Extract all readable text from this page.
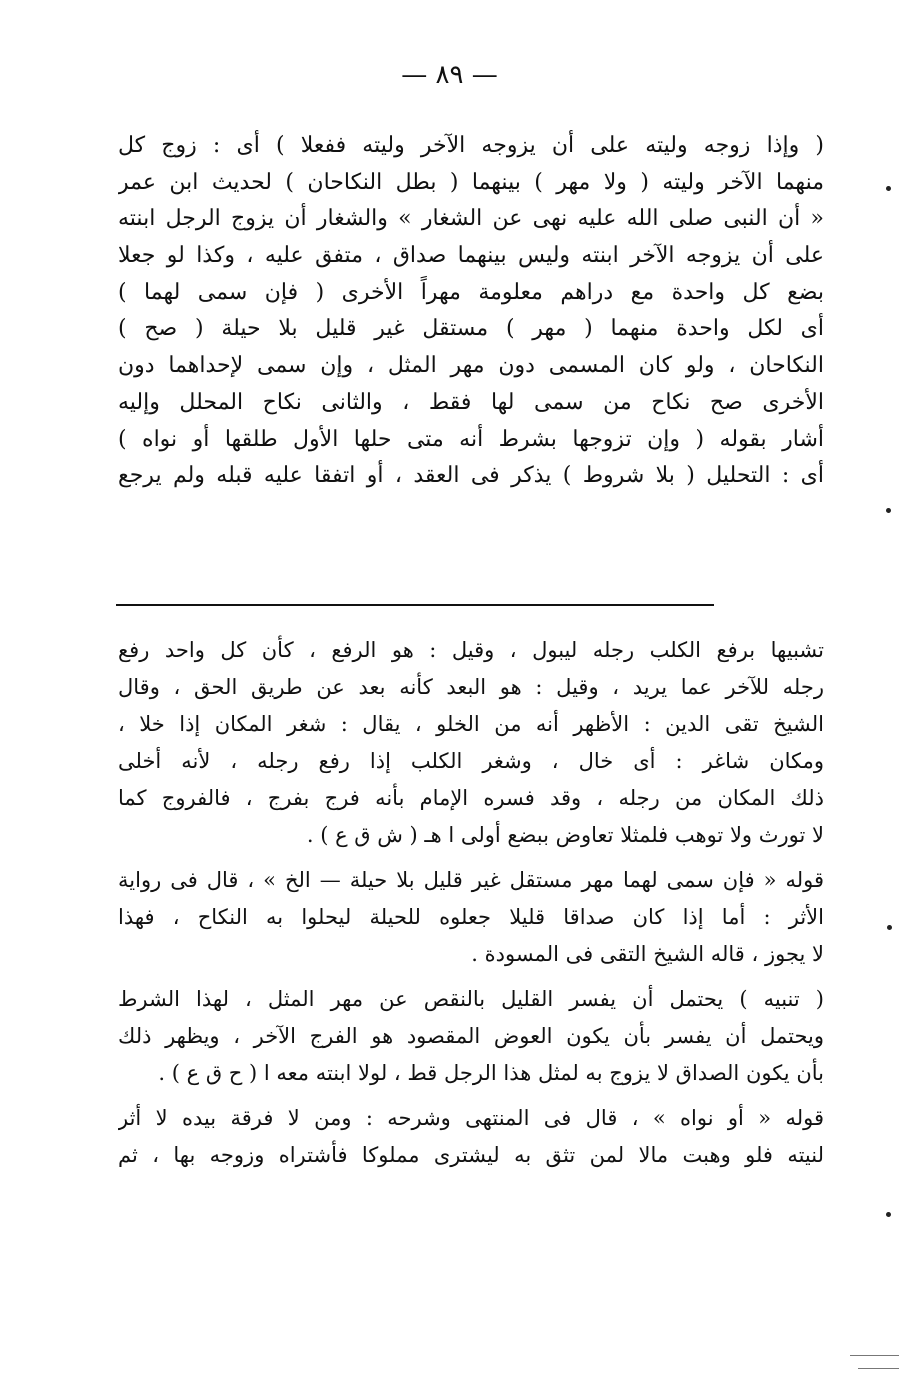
— ٨٩ —
( وإذا زوجه وليته على أن يزوجه الآخر وليته ففعلا ) أى : زوج كل
منهما الآخر وليته ( ولا مهر ) بينهما ( بطل النكاحان ) لحديث ابن عمر
« أن النبى صلى الله عليه نهى عن الشغار » والشغار أن يزوج الرجل ابنته
على أن يزوجه الآخر ابنته وليس بينهما صداق ، متفق عليه ، وكذا لو جعلا
بضع كل واحدة مع دراهم معلومة مهراً الأخرى ( فإن سمى لهما )
أى لكل واحدة منهما ( مهر ) مستقل غير قليل بلا حيلة ( صح )
النكاحان ، ولو كان المسمى دون مهر المثل ، وإن سمى لإحداهما دون
الأخرى صح نكاح من سمى لها فقط ، والثانى نكاح المحلل وإليه
أشار بقوله ( وإن تزوجها بشرط أنه متى حلها الأول طلقها أو نواه )
أى : التحليل ( بلا شروط ) يذكر فى العقد ، أو اتفقا عليه قبله ولم يرجع
تشبيها برفع الكلب رجله ليبول ، وقيل : هو الرفع ، كأن كل واحد رفع
رجله للآخر عما يريد ، وقيل : هو البعد كأنه بعد عن طريق الحق ، وقال
الشيخ تقى الدين : الأظهر أنه من الخلو ، يقال : شغر المكان إذا خلا ،
ومكان شاغر : أى خال ، وشغر الكلب إذا رفع رجله ، لأنه أخلى
ذلك المكان من رجله ، وقد فسره الإمام بأنه فرج بفرج ، فالفروج كما
لا تورث ولا توهب فلمثلا تعاوض ببضع أولى ا هـ ( ش ق ع ) .
قوله « فإن سمى لهما مهر مستقل غير قليل بلا حيلة — الخ » ، قال فى رواية
الأثر : أما إذا كان صداقا قليلا جعلوه للحيلة ليحلوا به النكاح ، فهذا
لا يجوز ، قاله الشيخ التقى فى المسودة .
( تنبيه ) يحتمل أن يفسر القليل بالنقص عن مهر المثل ، لهذا الشرط
ويحتمل أن يفسر بأن يكون العوض المقصود هو الفرج الآخر ، ويظهر ذلك
بأن يكون الصداق لا يزوج به لمثل هذا الرجل قط ، لولا ابنته معه ا ( ح ق ع ) .
قوله « أو نواه » ، قال فى المنتهى وشرحه : ومن لا فرقة بيده لا أثر
لنيته فلو وهبت مالا لمن تثق به ليشترى مملوكا فأشتراه وزوجه بها ، ثم
